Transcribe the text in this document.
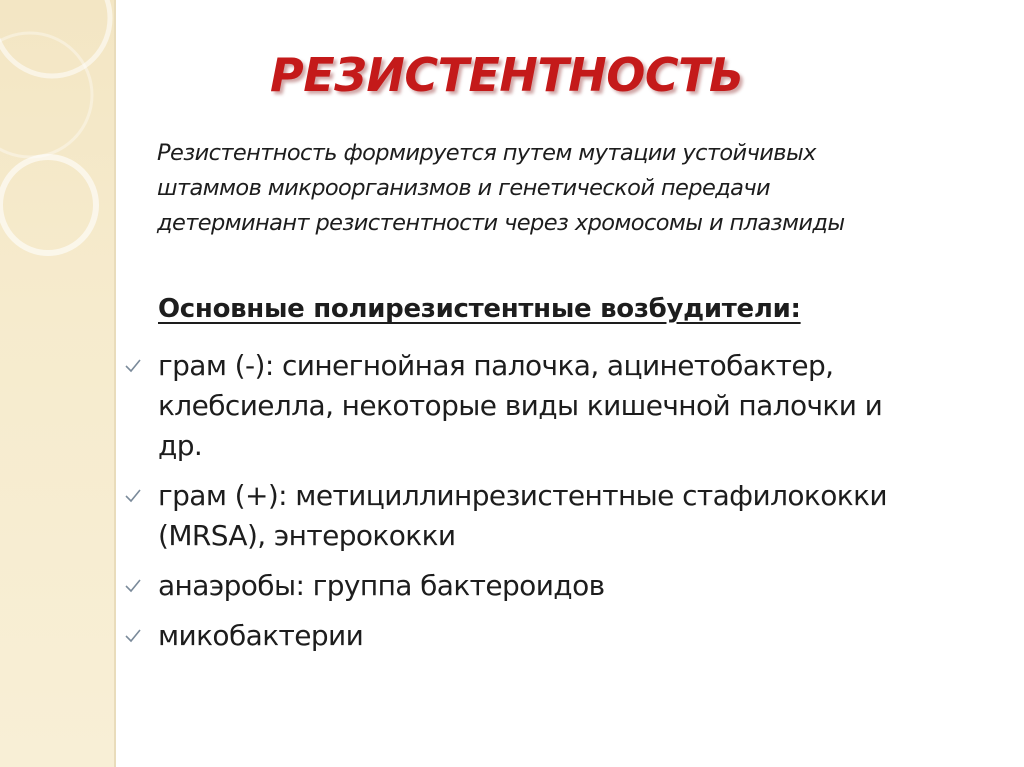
РЕЗИСТЕНТНОСТЬ
Резистентность формируется путем мутации устойчивых
штаммов микроорганизмов и генетической передачи
детерминант резистентности через хромосомы и плазмиды
Основные полирезистентные возбудители:
грам (-): синегнойная палочка, ацинетобактер,
клебсиелла, некоторые виды кишечной палочки и
др.
грам (+): метициллинрезистентные стафилококки
(MRSA), энтерококки
анаэробы: группа бактероидов
микобактерии
